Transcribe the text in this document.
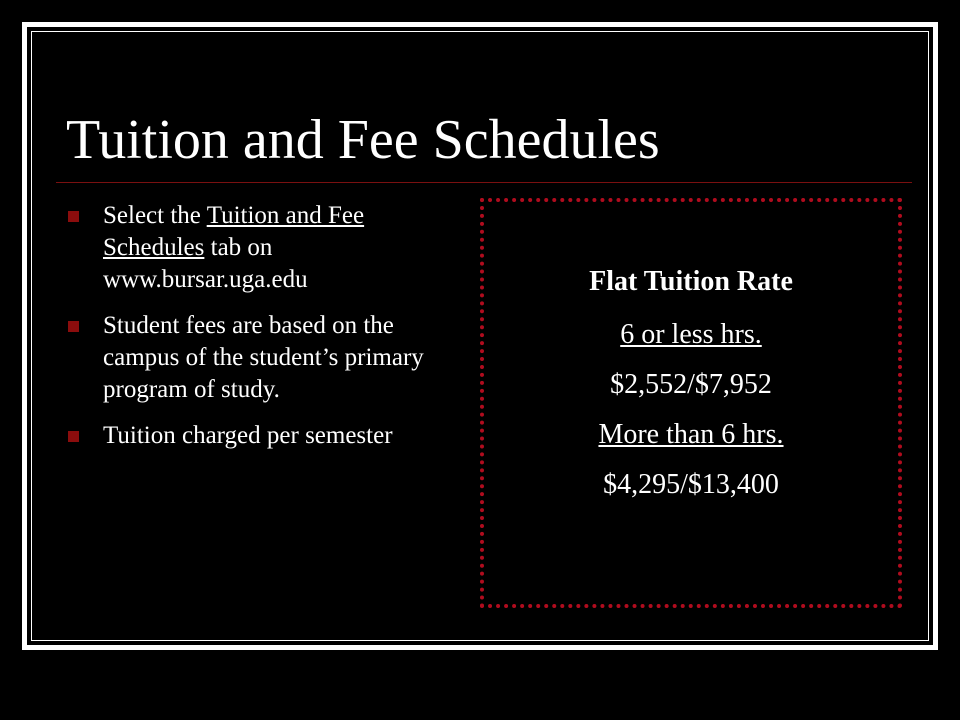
Tuition and Fee Schedules
Select the Tuition and Fee Schedules tab on www.bursar.uga.edu
Student fees are based on the campus of the student’s primary program of study.
Tuition charged per semester
Flat Tuition Rate
6 or less hrs.
$2,552/$7,952
More than 6 hrs.
$4,295/$13,400
